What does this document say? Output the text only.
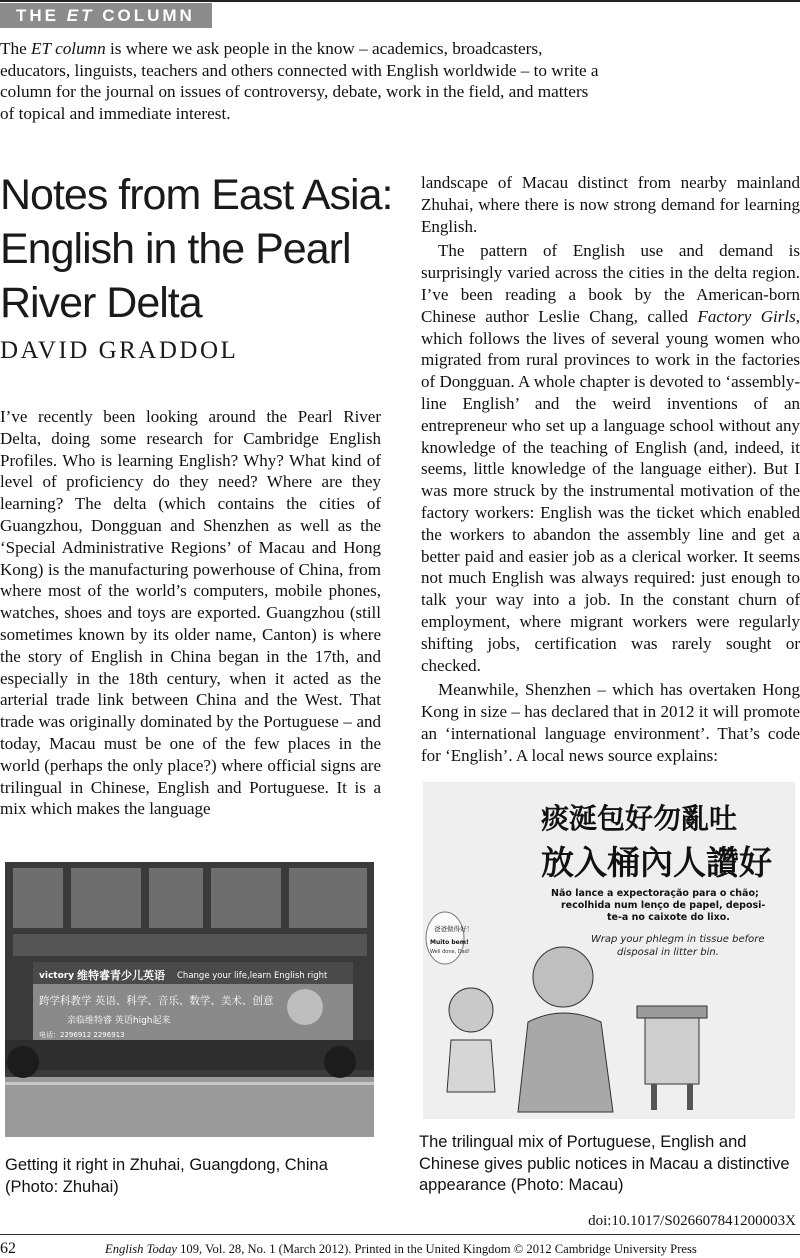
THE ET COLUMN

The ET column is where we ask people in the know – academics, broadcasters, educators, linguists, teachers and others connected with English worldwide – to write a column for the journal on issues of controversy, debate, work in the field, and matters of topical and immediate interest.

Notes from East Asia: English in the Pearl River Delta
DAVID GRADDOL

I’ve recently been looking around the Pearl River Delta, doing some research for Cambridge English Profiles. Who is learning English? Why? What kind of level of proficiency do they need? Where are they learning? The delta (which contains the cities of Guangzhou, Dongguan and Shenzhen as well as the ‘Special Administrative Regions’ of Macau and Hong Kong) is the manufacturing powerhouse of China, from where most of the world’s computers, mobile phones, watches, shoes and toys are exported. Guangzhou (still sometimes known by its older name, Canton) is where the story of English in China began in the 17th, and especially in the 18th century, when it acted as the arterial trade link between China and the West. That trade was originally dominated by the Portuguese – and today, Macau must be one of the few places in the world (perhaps the only place?) where official signs are trilingual in Chinese, English and Portuguese. It is a mix which makes the language

landscape of Macau distinct from nearby mainland Zhuhai, where there is now strong demand for learning English.

The pattern of English use and demand is surprisingly varied across the cities in the delta region. I’ve been reading a book by the American-born Chinese author Leslie Chang, called Factory Girls, which follows the lives of several young women who migrated from rural provinces to work in the factories of Dongguan. A whole chapter is devoted to ‘assembly-line English’ and the weird inventions of an entrepreneur who set up a language school without any knowledge of the teaching of English (and, indeed, it seems, little knowledge of the language either). But I was more struck by the instrumental motivation of the factory workers: English was the ticket which enabled the workers to abandon the assembly line and get a better paid and easier job as a clerical worker. It seems not much English was always required: just enough to talk your way into a job. In the constant churn of employment, where migrant workers were regularly shifting jobs, certification was rarely sought or checked.

Meanwhile, Shenzhen – which has overtaken Hong Kong in size – has declared that in 2012 it will promote an ‘international language environment’. That’s code for ‘English’. A local news source explains:

victory 维特睿青少儿英语 Change your life,learn English right
跨学科教学 英语、科学、音乐、数学、美术、创意
亲临维特睿 英语high起来
电话：2296912 2296913
痰涎包好勿亂吐
放入桶內人讚好
Não lance a expectoração para o chão;
recolhida num lenço de papel, deposi-
te-a no caixote do lixo.
Wrap your phlegm in tissue before
disposal in litter bin.
爸爸做得好！
Muito bem!
Well done, Dad!

Getting it right in Zhuhai, Guangdong, China (Photo: Zhuhai)

The trilingual mix of Portuguese, English and Chinese gives public notices in Macau a distinctive appearance (Photo: Macau)

doi:10.1017/S026607841200003X
62	English Today 109, Vol. 28, No. 1 (March 2012). Printed in the United Kingdom © 2012 Cambridge University Press
